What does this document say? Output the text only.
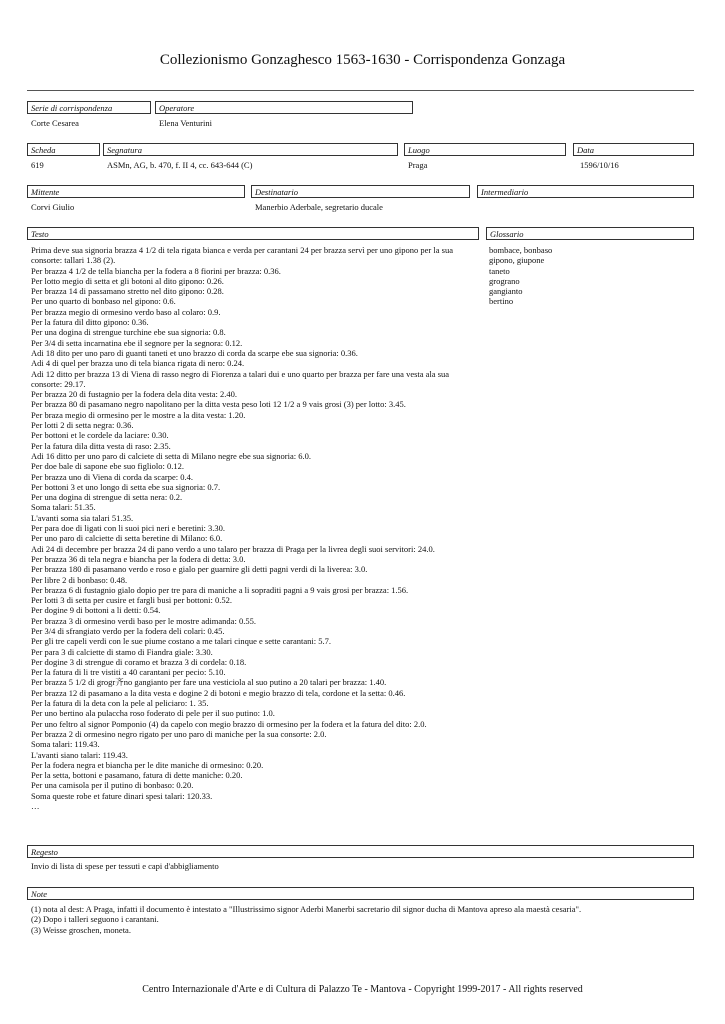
Collezionismo Gonzaghesco 1563-1630 - Corrispondenza Gonzaga
Serie di corrispondenza	Operatore
Corte Cesarea	Elena Venturini
Scheda	Segnatura	Luogo	Data
619	ASMn, AG, b. 470, f. II 4, cc. 643-644 (C)	Praga	1596/10/16
Mittente	Destinatario	Intermediario
Corvi Giulio	Manerbio Aderbale, segretario ducale
Testo	Glossario
Prima deve sua signoria brazza 4 1/2 di tela rigata bianca e verda per carantani 24 per brazza servì per uno gipono per la sua
consorte: tallari 1.38 (2).
Per brazza 4 1/2 de tella biancha per la fodera a 8 fiorini per brazza: 0.36.
Per lotto megio di setta et gli botoni al dito gipono: 0.26.
Per brazza 14 di passamano stretto nel dito gipono: 0.28.
Per uno quarto di bonbaso nel gipono: 0.6.
Per brazza megio di ormesino verdo baso al colaro: 0.9.
Per la fatura dil ditto gipono: 0.36.
Per una dogina di strengue turchine ebe sua signoria: 0.8.
Per 3/4 di setta incarnatina ebe il segnore per la segnora: 0.12.
Adi 18 dito per uno paro di guanti taneti et uno brazzo di corda da scarpe ebe sua signoria: 0.36.
Adi 4 di quel per brazza uno di tela bianca rigata di nero: 0.24.
Adi 12 ditto per brazza 13 di Viena di rasso negro di Fiorenza a talari dui e uno quarto per brazza per fare una vesta ala sua
consorte: 29.17.
Per brazza 20 di fustagnio per la fodera dela dita vesta: 2.40.
Per brazza 80 di pasamano negro napolitano per la ditta vesta peso loti 12 1/2 a 9 vais grosi (3) per lotto: 3.45.
Per braza megio di ormesino per le mostre a la dita vesta: 1.20.
Per lotti 2 di setta negra: 0.36.
Per bottoni et le cordele da laciare: 0.30.
Per la fatura dila ditta vesta di raso: 2.35.
Adi 16 ditto per uno paro di calciete di setta di Milano negre ebe sua signoria: 6.0.
Per doe bale di sapone ebe suo figliolo: 0.12.
Per brazza uno di Viena di corda da scarpe: 0.4.
Per bottoni 3 et uno longo di setta ebe sua signoria: 0.7.
Per una dogina di strengue di setta nera: 0.2.
Soma talari: 51.35.
L'avanti soma sia talari 51.35.
Per para doe di ligati con li suoi pici neri e beretini: 3.30.
Per uno paro di calciette di setta beretine di Milano: 6.0.
Adi 24 di decembre per brazza 24 di pano verdo a uno talaro per brazza di Praga per la livrea degli suoi servitori: 24.0.
Per brazza 36 di tela negra e biancha per la fodera di detta: 3.0.
Per brazza 180 di pasamano verdo e roso e gialo per guarnire gli detti pagni verdi di la liverea: 3.0.
Per libre 2 di bonbaso: 0.48.
Per brazza 6 di fustagnio gialo dopio per tre para di maniche a li sopraditi pagni a 9 vais grosi per brazza: 1.56.
Per lotti 3 di setta per cusire et fargli busi per bottoni: 0.52.
Per dogine 9 di bottoni a li detti: 0.54.
Per brazza 3 di ormesino verdi baso per le mostre adimanda: 0.55.
Per 3/4 di sfrangiato verdo per la fodera deli colari: 0.45.
Per gli tre capeli verdi con le sue piume costano a me talari cinque e sette carantani: 5.7.
Per para 3 di calciette di stamo di Fiandra giale: 3.30.
Per dogine 3 di strengue di coramo et brazza 3 di cordela: 0.18.
Per la fatura di li tre vistiti a 40 carantani per pecio: 5.10.
Per brazza 5 1/2 di grogr齐no gangianto per fare una vesticiola al suo putino a 20 talari per brazza: 1.40.
Per brazza 12 di pasamano a la dita vesta e dogine 2 di botoni e megio brazzo di tela, cordone et la setta: 0.46.
Per la fatura di la deta con la pele al peliciaro: 1. 35.
Per uno bertino ala pulaccha roso foderato di pele per il suo putino: 1.0.
Per uno feltro al signor Pomponio (4) da capelo con megio brazzo di ormesino per la fodera et la fatura del dito: 2.0.
Per brazza 2 di ormesino negro rigato per uno paro di maniche per la sua consorte: 2.0.
Soma talari: 119.43.
L'avanti siano talari: 119.43.
Per la fodera negra et bianchа per le dite maniche di ormesino: 0.20.
Per la setta, bottoni e pasamano, fatura di dette maniche: 0.20.
Per una camisola per il putino di bonbaso: 0.20.
Soma queste robe et fature dinari spesi talari: 120.33.
…
bombace, bonbaso
gipono, giupone
taneto
grograno
gangianto
bertino
Regesto
Invio di lista di spese per tessuti e capi d'abbigliamento
Note
(1) nota al dest: A Praga, infatti il documento è intestato a "Illustrissimo signor Aderbi Manerbi sacretario dil signor ducha di Mantova apreso ala maestà cesaria".
(2) Dopo i talleri seguono i carantani.
(3) Weisse groschen, moneta.
Centro Internazionale d'Arte e di Cultura di Palazzo Te - Mantova - Copyright 1999-2017 - All rights reserved
